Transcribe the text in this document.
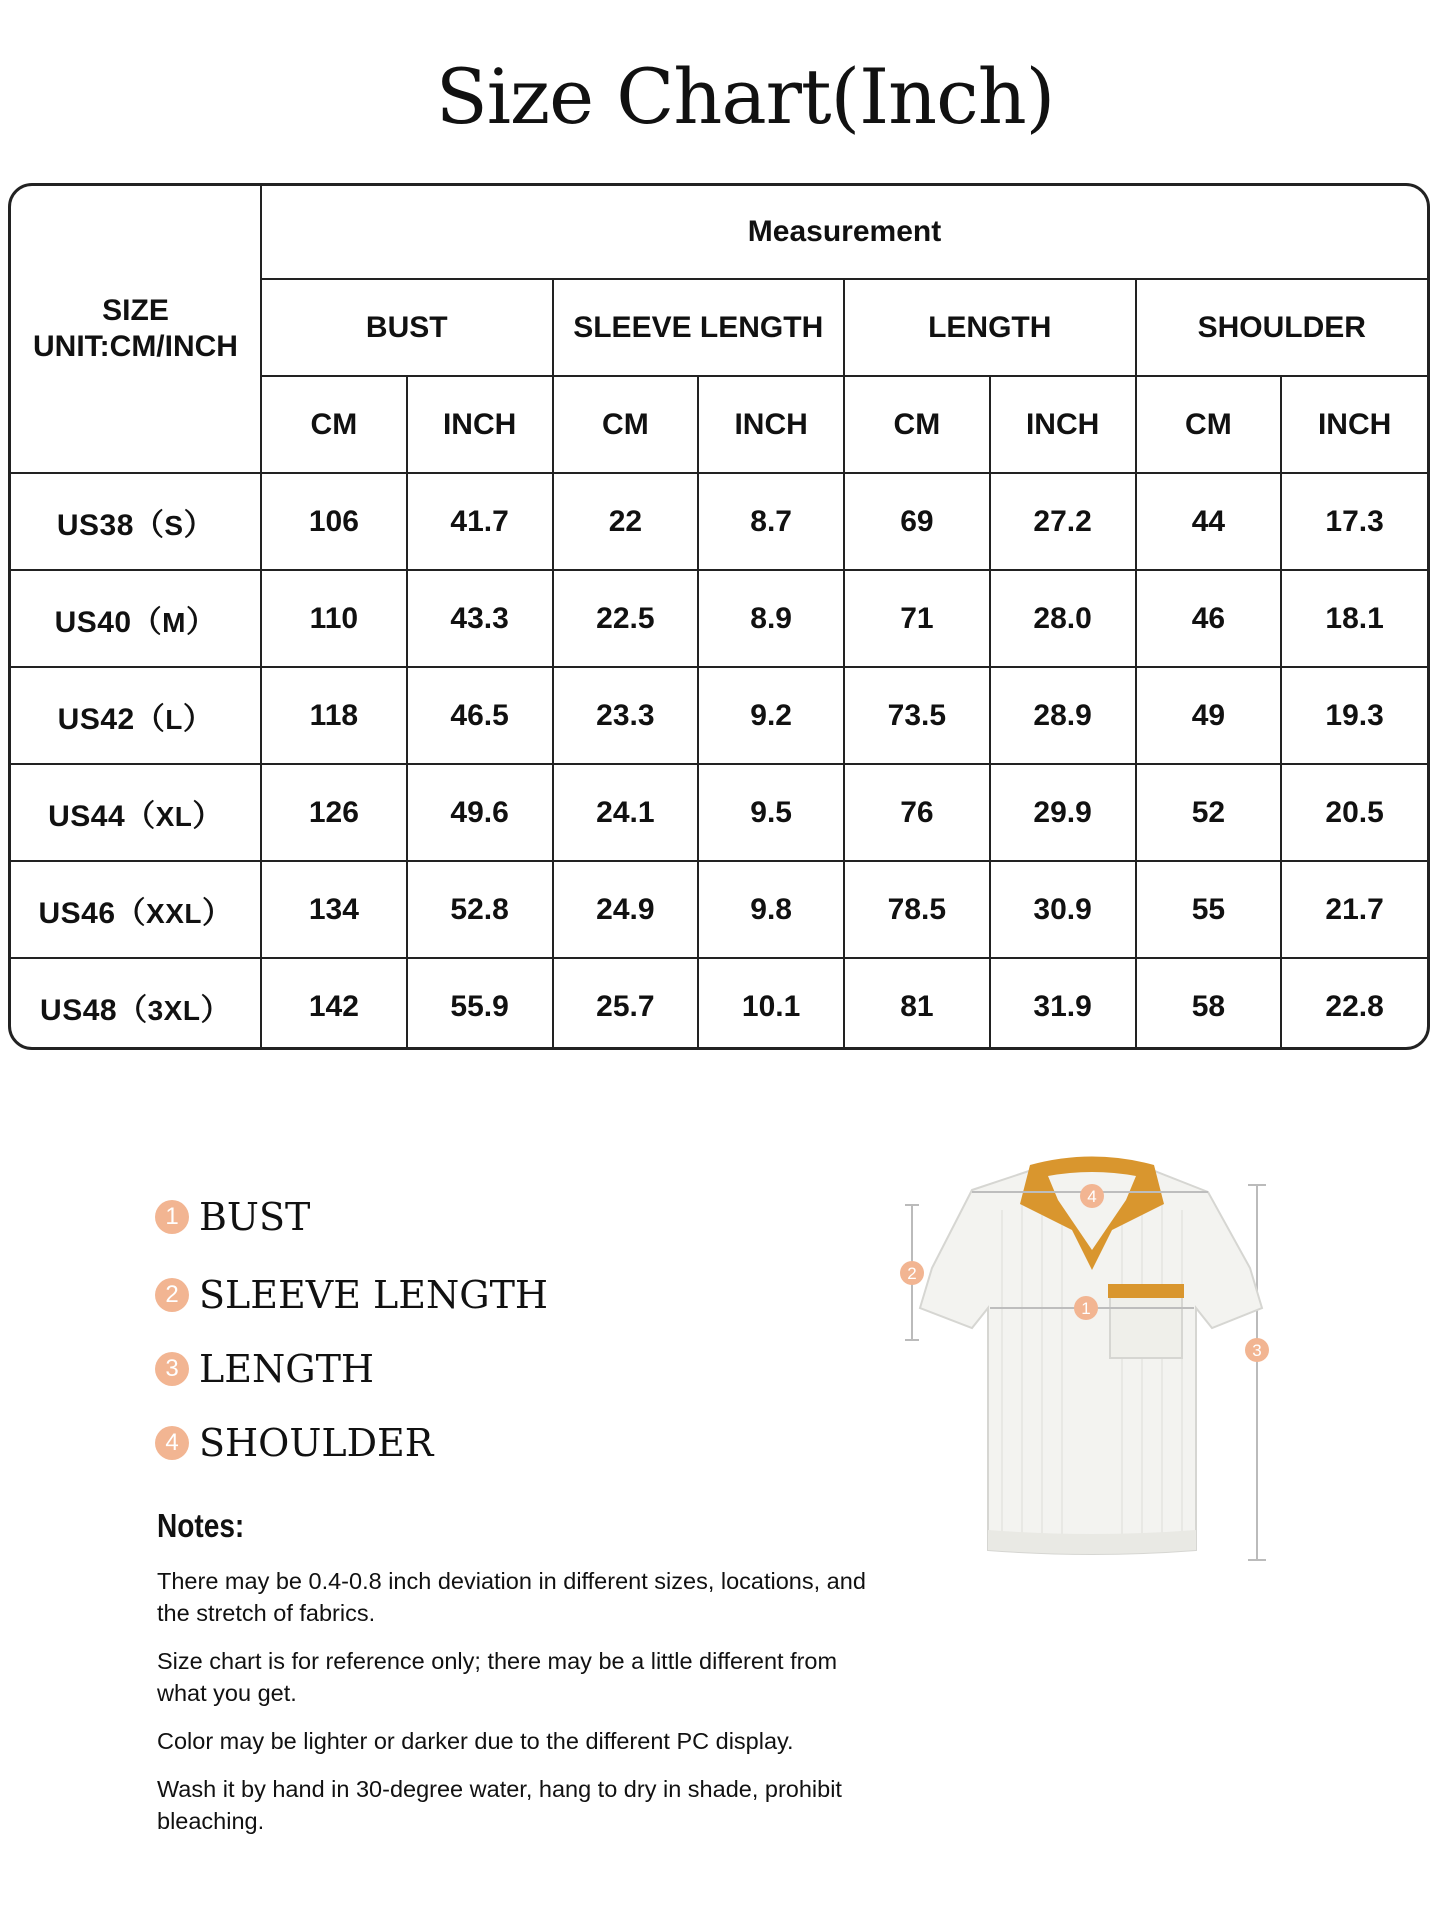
Size Chart(Inch)
SIZE
UNIT:CM/INCH	Measurement							
	BUST		SLEEVE LENGTH		LENGTH		SHOULDER	
	CM	INCH	CM	INCH	CM	INCH	CM	INCH
US38（S）	106	41.7	22	8.7	69	27.2	44	17.3
US40（M）	110	43.3	22.5	8.9	71	28.0	46	18.1
US42（L）	118	46.5	23.3	9.2	73.5	28.9	49	19.3
US44（XL）	126	49.6	24.1	9.5	76	29.9	52	20.5
US46（XXL）	134	52.8	24.9	9.8	78.5	30.9	55	21.7
US48（3XL）	142	55.9	25.7	10.1	81	31.9	58	22.8
1 BUST
2 SLEEVE LENGTH
3 LENGTH
4 SHOULDER
Notes:
There may be 0.4-0.8 inch deviation in different sizes, locations, and the stretch of fabrics.
Size chart is for reference only; there may be a little different from what you get.
Color may be lighter or darker due to the different PC display.
Wash it by hand in 30-degree water, hang to dry in shade, prohibit bleaching.
4
2
1
3
